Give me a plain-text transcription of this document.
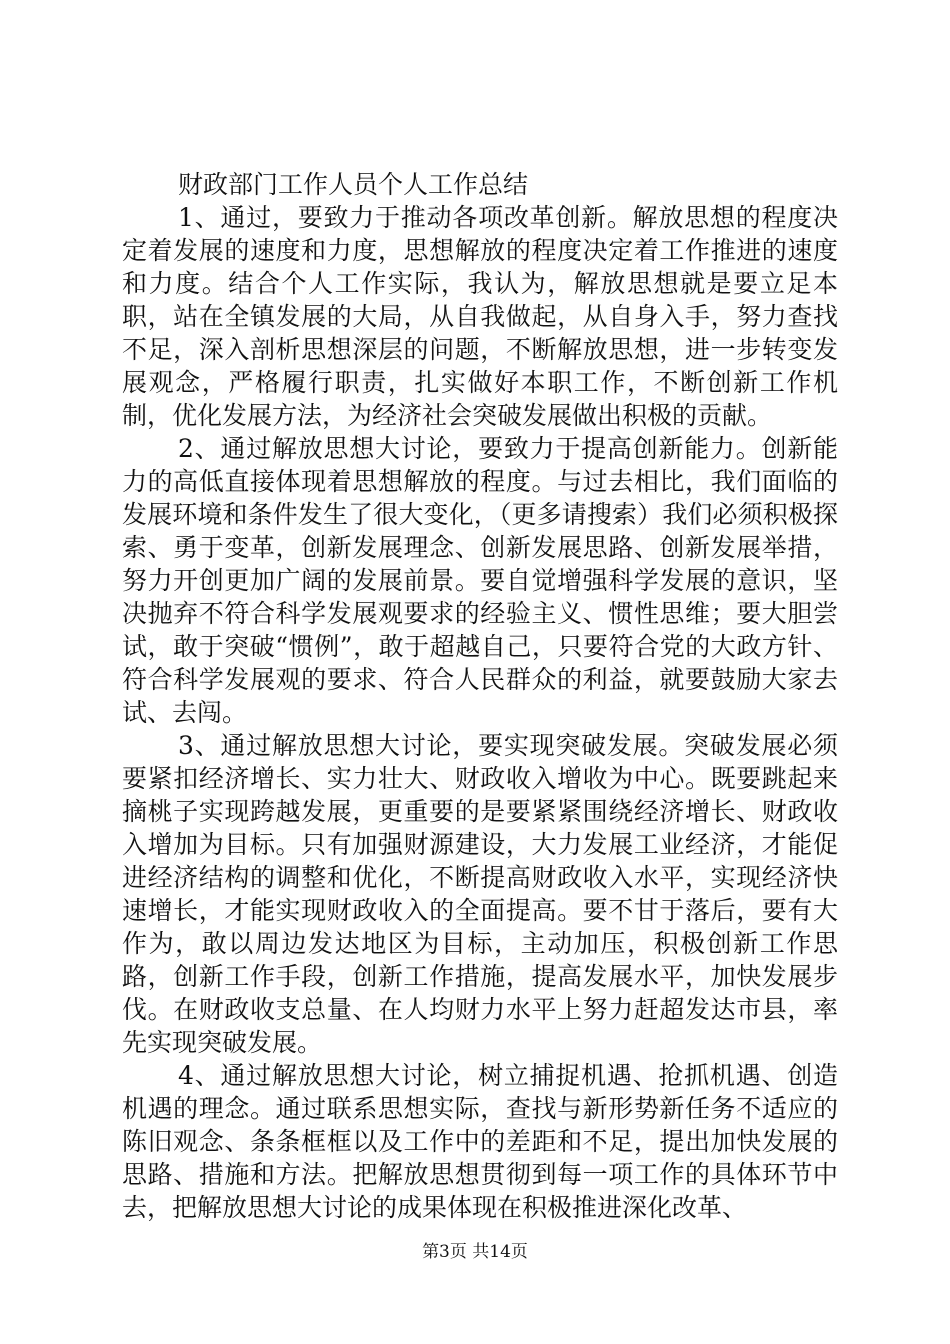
财政部门工作人员个人工作总结

1、通过，要致力于推动各项改革创新。解放思想的程度决定着发展的速度和力度，思想解放的程度决定着工作推进的速度和力度。结合个人工作实际，我认为，解放思想就是要立足本职，站在全镇发展的大局，从自我做起，从自身入手，努力查找不足，深入剖析思想深层的问题，不断解放思想，进一步转变发展观念，严格履行职责，扎实做好本职工作，不断创新工作机制，优化发展方法，为经济社会突破发展做出积极的贡献。

2、通过解放思想大讨论，要致力于提高创新能力。创新能力的高低直接体现着思想解放的程度。与过去相比，我们面临的发展环境和条件发生了很大变化，（更多请搜索）我们必须积极探索、勇于变革，创新发展理念、创新发展思路、创新发展举措，努力开创更加广阔的发展前景。要自觉增强科学发展的意识，坚决抛弃不符合科学发展观要求的经验主义、惯性思维；要大胆尝试，敢于突破“惯例”，敢于超越自己，只要符合党的大政方针、符合科学发展观的要求、符合人民群众的利益，就要鼓励大家去试、去闯。

3、通过解放思想大讨论，要实现突破发展。突破发展必须要紧扣经济增长、实力壮大、财政收入增收为中心。既要跳起来摘桃子实现跨越发展，更重要的是要紧紧围绕经济增长、财政收入增加为目标。只有加强财源建设，大力发展工业经济，才能促进经济结构的调整和优化，不断提高财政收入水平，实现经济快速增长，才能实现财政收入的全面提高。要不甘于落后，要有大作为，敢以周边发达地区为目标，主动加压，积极创新工作思路，创新工作手段，创新工作措施，提高发展水平，加快发展步伐。在财政收支总量、在人均财力水平上努力赶超发达市县，率先实现突破发展。

4、通过解放思想大讨论，树立捕捉机遇、抢抓机遇、创造机遇的理念。通过联系思想实际，查找与新形势新任务不适应的陈旧观念、条条框框以及工作中的差距和不足，提出加快发展的思路、措施和方法。把解放思想贯彻到每一项工作的具体环节中去，把解放思想大讨论的成果体现在积极推进深化改革、

第3页 共14页
